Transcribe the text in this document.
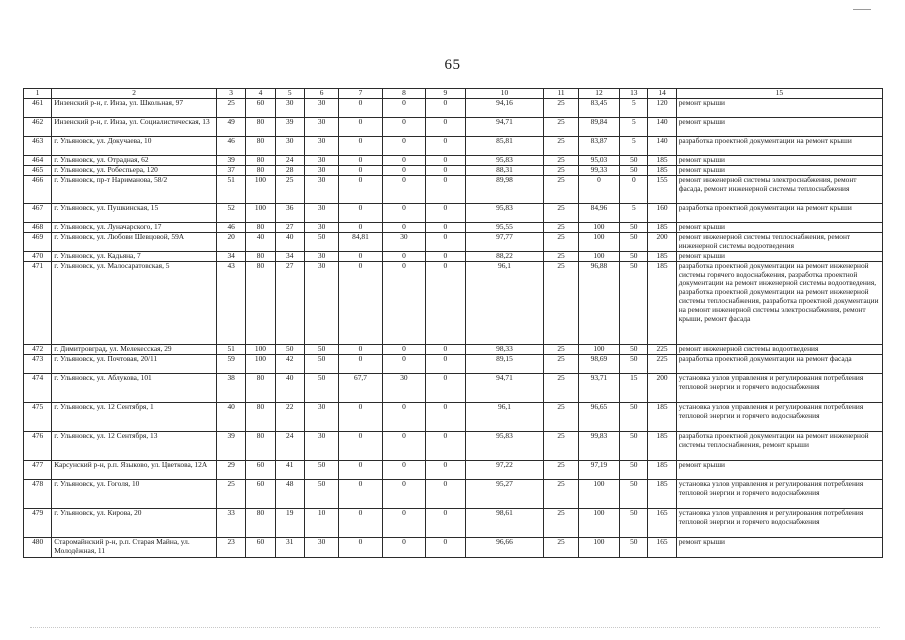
65
1	2	3	4	5	6	7	8	9	10	11	12	13	14	15
461	Инзенский р-н, г. Инза, ул. Школьная, 97	25	60	30	30	0	0	0	94,16	25	83,45	5	120	ремонт крыши
462	Инзенский р-н, г. Инза, ул. Социалистическая, 13	49	80	39	30	0	0	0	94,71	25	89,84	5	140	ремонт крыши
463	г. Ульяновск, ул. Докучаева, 10	46	80	30	30	0	0	0	85,81	25	83,87	5	140	разработка проектной документации на ремонт крыши
464	г. Ульяновск, ул. Отрадная, 62	39	80	24	30	0	0	0	95,83	25	95,03	50	185	ремонт крыши
465	г. Ульяновск, ул. Робеспьера, 120	37	80	28	30	0	0	0	88,31	25	99,33	50	185	ремонт крыши
466	г. Ульяновск, пр-т Нариманова, 58/2	51	100	25	30	0	0	0	89,98	25	0	0	155	ремонт инженерной системы электроснабжения, ремонт фасада, ремонт инженерной системы теплоснабжения
467	г. Ульяновск, ул. Пушкинская, 15	52	100	36	30	0	0	0	95,83	25	84,96	5	160	разработка проектной документации на ремонт крыши
468	г. Ульяновск, ул. Луначарского, 17	46	80	27	30	0	0	0	95,55	25	100	50	185	ремонт крыши
469	г. Ульяновск, ул. Любови Шевцовой, 59А	20	40	40	50	84,81	30	0	97,77	25	100	50	200	ремонт инженерной системы теплоснабжения, ремонт инженерной системы водоотведения
470	г. Ульяновск, ул. Кадьяна, 7	34	80	34	30	0	0	0	88,22	25	100	50	185	ремонт крыши
471	г. Ульяновск, ул. Малосаратовская, 5	43	80	27	30	0	0	0	96,1	25	96,88	50	185	разработка проектной документации на ремонт инженерной системы горячего водоснабжения, разработка проектной документации на ремонт инженерной системы водоотведения, разработка проектной документации на ремонт инженерной системы теплоснабжения, разработка проектной документации на ремонт инженерной системы электроснабжения, ремонт крыши, ремонт фасада
472	г. Димитровград, ул. Мелекесская, 29	51	100	50	50	0	0	0	98,33	25	100	50	225	ремонт инженерной системы водоотведения
473	г. Ульяновск, ул. Почтовая, 20/11	59	100	42	50	0	0	0	89,15	25	98,69	50	225	разработка проектной документации на ремонт фасада
474	г. Ульяновск, ул. Аблукова, 101	38	80	40	50	67,7	30	0	94,71	25	93,71	15	200	установка узлов управления и регулирования потребления тепловой энергии и горячего водоснабжения
475	г. Ульяновск, ул. 12 Сентября, 1	40	80	22	30	0	0	0	96,1	25	96,65	50	185	установка узлов управления и регулирования потребления тепловой энергии и горячего водоснабжения
476	г. Ульяновск, ул. 12 Сентября, 13	39	80	24	30	0	0	0	95,83	25	99,83	50	185	разработка проектной документации на ремонт инженерной системы теплоснабжения, ремонт крыши
477	Карсунский р-н, р.п. Языково, ул. Цветкова, 12А	29	60	41	50	0	0	0	97,22	25	97,19	50	185	ремонт крыши
478	г. Ульяновск, ул. Гоголя, 10	25	60	48	50	0	0	0	95,27	25	100	50	185	установка узлов управления и регулирования потребления тепловой энергии и горячего водоснабжения
479	г. Ульяновск, ул. Кирова, 20	33	80	19	10	0	0	0	98,61	25	100	50	165	установка узлов управления и регулирования потребления тепловой энергии и горячего водоснабжения
480	Старомайнский р-н, р.п. Старая Майна, ул. Молодёжная, 11	23	60	31	30	0	0	0	96,66	25	100	50	165	ремонт крыши
